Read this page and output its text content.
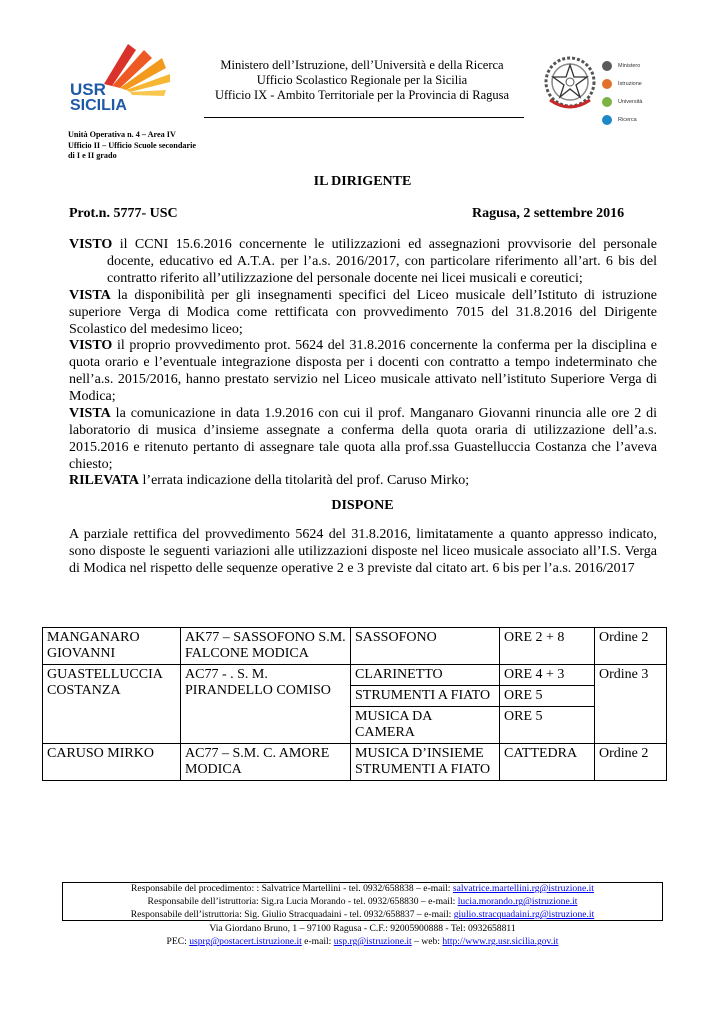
USR
SICILIA
Ministero dell’Istruzione, dell’Università e della Ricerca
Ufficio Scolastico Regionale per la Sicilia
Ufficio IX - Ambito Territoriale per la Provincia di Ragusa
Ministero
Istruzione
Università
Ricerca
Unità Operativa n. 4 – Area IV
Ufficio II – Ufficio Scuole secondarie
di I e II grado
IL DIRIGENTE
Prot.n. 5777- USC	Ragusa, 2 settembre 2016
VISTO il CCNI 15.6.2016 concernente le utilizzazioni ed assegnazioni provvisorie del personale docente, educativo ed A.T.A. per l’a.s. 2016/2017, con particolare riferimento all’art. 6 bis del contratto riferito all’utilizzazione del personale docente nei licei musicali e coreutici;
VISTA la disponibilità per gli insegnamenti specifici del Liceo musicale dell’Istituto di istruzione superiore Verga di Modica come rettificata con provvedimento 7015 del 31.8.2016 del Dirigente Scolastico del medesimo liceo;
VISTO il proprio provvedimento prot. 5624 del 31.8.2016 concernente la conferma per la disciplina e quota orario e l’eventuale integrazione disposta per i docenti con contratto a tempo indeterminato che nell’a.s. 2015/2016, hanno prestato servizio nel Liceo musicale attivato nell’istituto Superiore Verga di Modica;
VISTA la comunicazione in data 1.9.2016 con cui il prof. Manganaro Giovanni rinuncia alle ore 2 di laboratorio di musica d’insieme assegnate a conferma della quota oraria di utilizzazione dell’a.s. 2015.2016 e ritenuto pertanto di assegnare tale quota alla prof.ssa Guastelluccia Costanza che l’aveva chiesto;
RILEVATA l’errata indicazione della titolarità del prof. Caruso Mirko;
DISPONE
A parziale rettifica del provvedimento 5624 del 31.8.2016, limitatamente a quanto appresso indicato, sono disposte le seguenti variazioni alle utilizzazioni disposte nel liceo musicale associato all’I.S. Verga di Modica nel rispetto delle sequenze operative 2 e 3 previste dal citato art. 6 bis per l’a.s. 2016/2017
MANGANARO GIOVANNI	AK77 – SASSOFONO S.M. FALCONE MODICA	SASSOFONO	ORE 2 + 8	Ordine 2
GUASTELLUCCIA COSTANZA	AC77 - . S. M. PIRANDELLO COMISO	CLARINETTO	ORE 4 + 3	Ordine 3
		STRUMENTI A FIATO	ORE 5	
		MUSICA DA CAMERA	ORE 5	
CARUSO MIRKO	AC77 – S.M. C. AMORE MODICA	MUSICA D’INSIEME STRUMENTI A FIATO	CATTEDRA	Ordine 2
Responsabile del procedimento: : Salvatrice Martellini - tel. 0932/658838 – e-mail: salvatrice.martellini.rg@istruzione.it
Responsabile dell’istruttoria: Sig.ra Lucia Morando - tel. 0932/658830 – e-mail: lucia.morando.rg@istruzione.it
Responsabile dell’istruttoria: Sig. Giulio Stracquadaini - tel. 0932/658837 – e-mail: giulio.stracquadaini.rg@istruzione.it
Via Giordano Bruno, 1 – 97100 Ragusa - C.F.: 92005900888 - Tel: 0932658811
PEC: usprg@postacert.istruzione.it e-mail: usp.rg@istruzione.it – web: http://www.rg.usr.sicilia.gov.it
